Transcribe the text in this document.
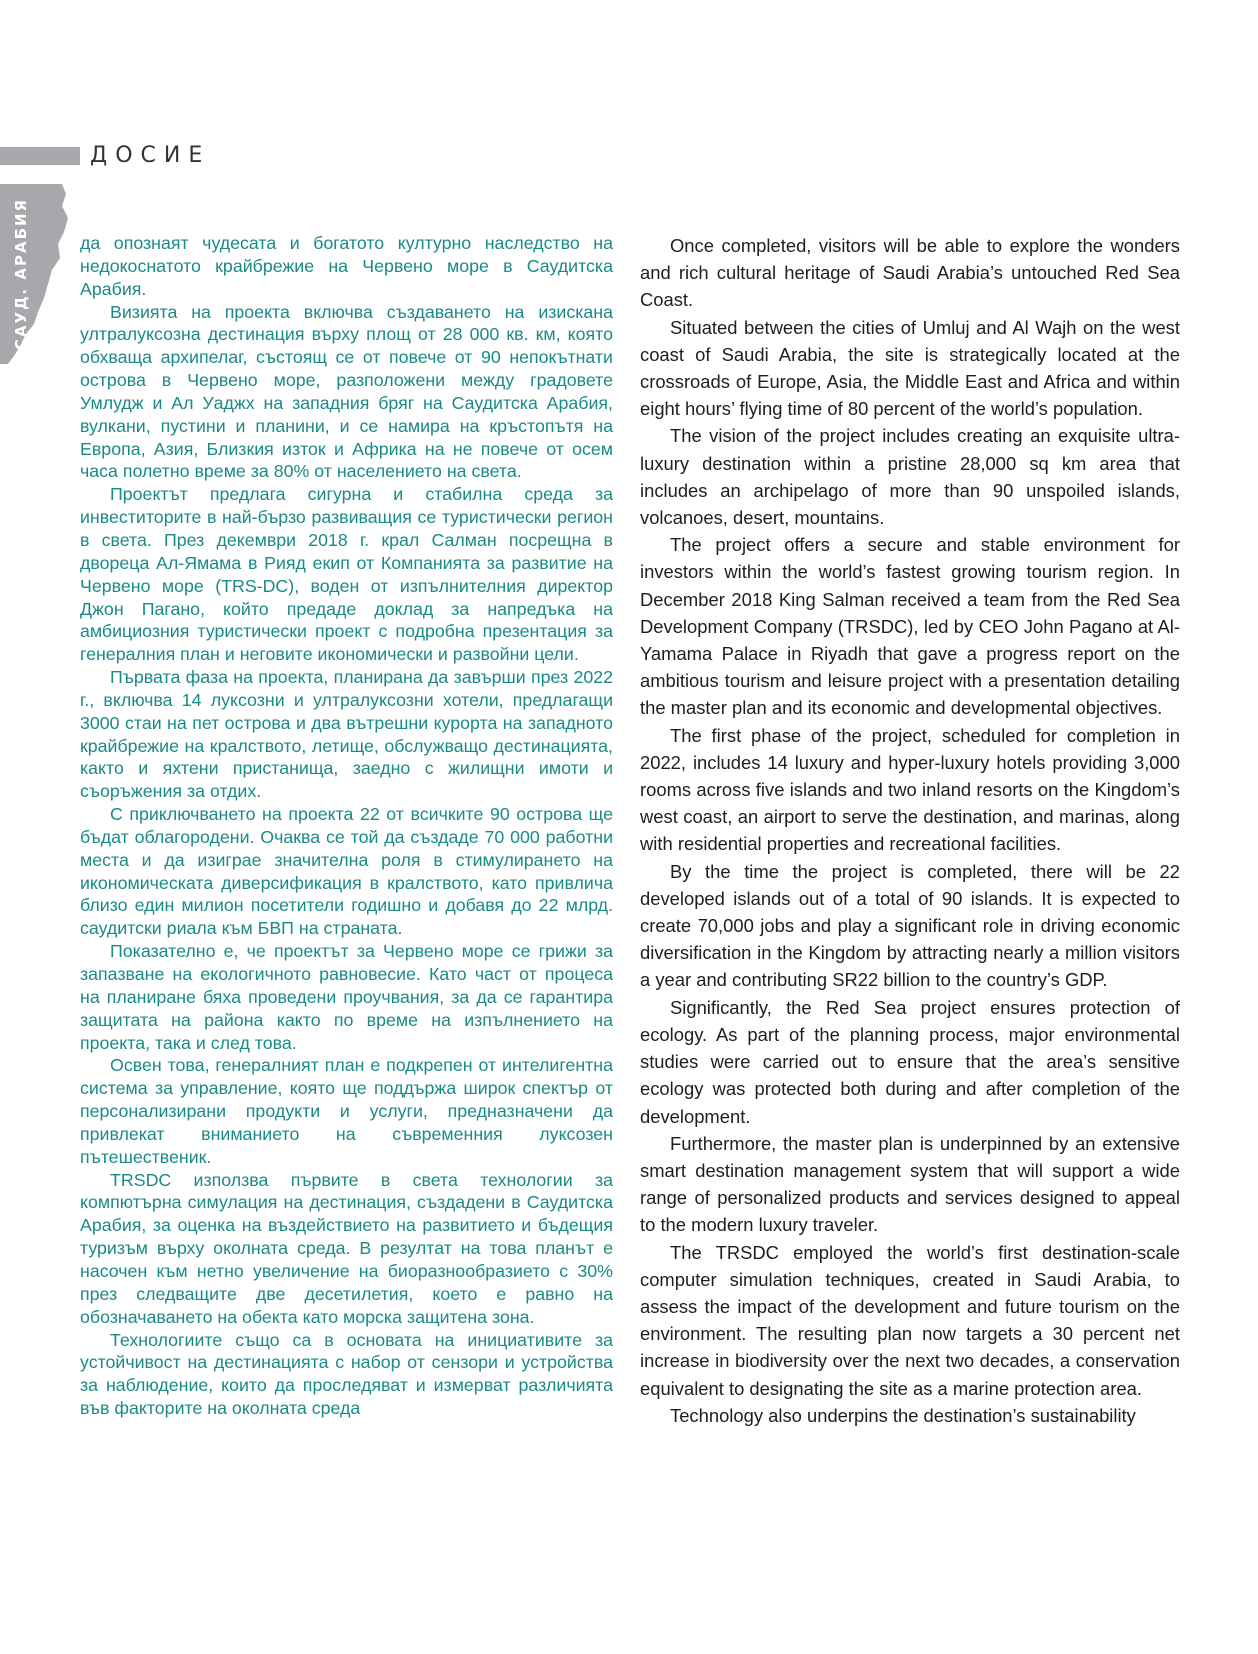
ДОСИЕ
САУД. АРАБИЯ	да опознаят чудесата и богатото културно наследство на недокоснатото крайбрежие на Червено море в Саудитска Арабия.

Визията на проекта включва създаването на изискана ултралуксозна дестинация върху площ от 28 000 кв. км, която обхваща архипелаг, състоящ се от повече от 90 непокътнати острова в Червено море, разположени между градовете Умлудж и Ал Уаджх на западния бряг на Саудитска Арабия, вулкани, пустини и планини, и се намира на кръстопътя на Европа, Азия, Близкия изток и Африка на не повече от осем часа полетно време за 80% от населението на света.

Проектът предлага сигурна и стабилна среда за инвеститорите в най-бързо развиващия се туристически регион в света. През декември 2018 г. крал Салман посрещна в двореца Ал-Ямама в Рияд екип от Компанията за развитие на Червено море (TRS-DC), воден от изпълнителния директор Джон Пагано, който предаде доклад за напредъка на амбициозния туристически проект с подробна презентация за генералния план и неговите икономически и развойни цели.

Първата фаза на проекта, планирана да завърши през 2022 г., включва 14 луксозни и ултралуксозни хотели, предлагащи 3000 стаи на пет острова и два вътрешни курорта на западното крайбрежие на кралството, летище, обслужващо дестинацията, както и яхтени пристанища, заедно с жилищни имоти и съоръжения за отдих.

С приключването на проекта 22 от всичките 90 острова ще бъдат облагородени. Очаква се той да създаде 70 000 работни места и да изиграе значителна роля в стимулирането на икономическата диверсификация в кралството, като привлича близо един милион посетители годишно и добавя до 22 млрд. саудитски риала към БВП на страната.

Показателно е, че проектът за Червено море се грижи за запазване на екологичното равновесие. Като част от процеса на планиране бяха проведени проучвания, за да се гарантира защитата на района както по време на изпълнението на проекта, така и след това.

Освен това, генералният план е подкрепен от интелигентна система за управление, която ще поддържа широк спектър от персонализирани продукти и услуги, предназначени да привлекат вниманието на съвременния луксозен пътешественик.

TRSDC използва първите в света технологии за компютърна симулация на дестинация, създадени в Саудитска Арабия, за оценка на въздействието на развитието и бъдещия туризъм върху околната среда. В резултат на това планът е насочен към нетно увеличение на биоразнообразието с 30% през следващите две десетилетия, което е равно на обозначаването на обекта като морска защитена зона.

Технологиите също са в основата на инициативите за устойчивост на дестинацията с набор от сензори и устройства за наблюдение, които да проследяват и измерват различията във факторите на околната среда

Once completed, visitors will be able to explore the wonders and rich cultural heritage of Saudi Arabia’s untouched Red Sea Coast.

Situated between the cities of Umluj and Al Wajh on the west coast of Saudi Arabia, the site is strategically located at the crossroads of Europe, Asia, the Middle East and Africa and within eight hours’ flying time of 80 percent of the world’s population.

The vision of the project includes creating an exquisite ultra-luxury destination within a pristine 28,000 sq km area that includes an archipelago of more than 90 unspoiled islands, volcanoes, desert, mountains.

The project offers a secure and stable environment for investors within the world’s fastest growing tourism region. In December 2018 King Salman received a team from the Red Sea Development Company (TRSDC), led by CEO John Pagano at Al-Yamama Palace in Riyadh that gave a progress report on the ambitious tourism and leisure project with a presentation detailing the master plan and its economic and developmental objectives.

The first phase of the project, scheduled for completion in 2022, includes 14 luxury and hyper-luxury hotels providing 3,000 rooms across five islands and two inland resorts on the Kingdom’s west coast, an airport to serve the destination, and marinas, along with residential properties and recreational facilities.

By the time the project is completed, there will be 22 developed islands out of a total of 90 islands. It is expected to create 70,000 jobs and play a significant role in driving economic diversification in the Kingdom by attracting nearly a million visitors a year and contributing SR22 billion to the country’s GDP.

Significantly, the Red Sea project ensures protection of ecology. As part of the planning process, major environmental studies were carried out to ensure that the area’s sensitive ecology was protected both during and after completion of the development.

Furthermore, the master plan is underpinned by an extensive smart destination management system that will support a wide range of personalized products and services designed to appeal to the modern luxury traveler.

The TRSDC employed the world’s first destination-scale computer simulation techniques, created in Saudi Arabia, to assess the impact of the development and future tourism on the environment. The resulting plan now targets a 30 percent net increase in biodiversity over the next two decades, a conservation equivalent to designating the site as a marine protection area.

Technology also underpins the destination’s sustainability
